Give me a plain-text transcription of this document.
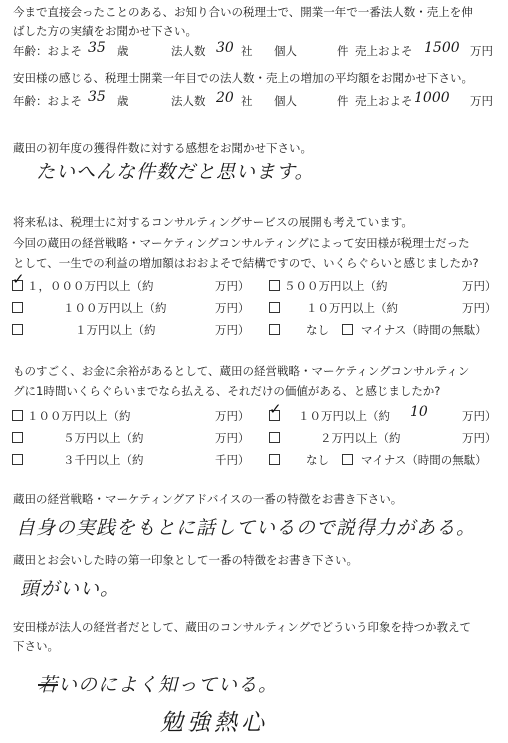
今まで直接会ったことのある、お知り合いの税理士で、開業一年で一番法人数・売上を伸
ばした方の実績をお聞かせ下さい。
年齢：およそ 35 歳	法人数 30 社 個人	件 売上およそ 1500 万円
安田様の感じる、税理士開業一年目での法人数・売上の増加の平均額をお聞かせ下さい。
年齢：およそ 35 歳	法人数 20 社 個人	件 売上およそ 1000 万円
蔵田の初年度の獲得件数に対する感想をお聞かせ下さい。
たいへんな件数だと思います。
将来私は、税理士に対するコンサルティングサービスの展開も考えています。
今回の蔵田の経営戦略・マーケティングコンサルティングによって安田様が税理士だった
として、一生での利益の増加額はおおよそで結構ですので、いくらぐらいと感じましたか?
✓１，０００万円以上（約	万円）	５００万円以上（約	万円）
１００万円以上（約	万円）	１０万円以上（約	万円）
１万円以上（約	万円）	なし	マイナス（時間の無駄）
ものすごく、お金に余裕があるとして、蔵田の経営戦略・マーケティングコンサルティン
グに1時間いくらぐらいまでなら払える、それだけの価値がある、と感じましたか?
１００万円以上（約	万円）
✓	１０万円以上（約 10	万円）
５万円以上（約	万円）	２万円以上（約	万円）
３千円以上（約	千円）	なし	マイナス（時間の無駄）
蔵田の経営戦略・マーケティングアドバイスの一番の特徴をお書き下さい。
自身の実践をもとに話しているので説得力がある。
蔵田とお会いした時の第一印象として一番の特徴をお書き下さい。
頭がいい。
安田様が法人の経営者だとして、蔵田のコンサルティングでどういう印象を持つか教えて
下さい。
若いのによく知っている。
勉強熱心
